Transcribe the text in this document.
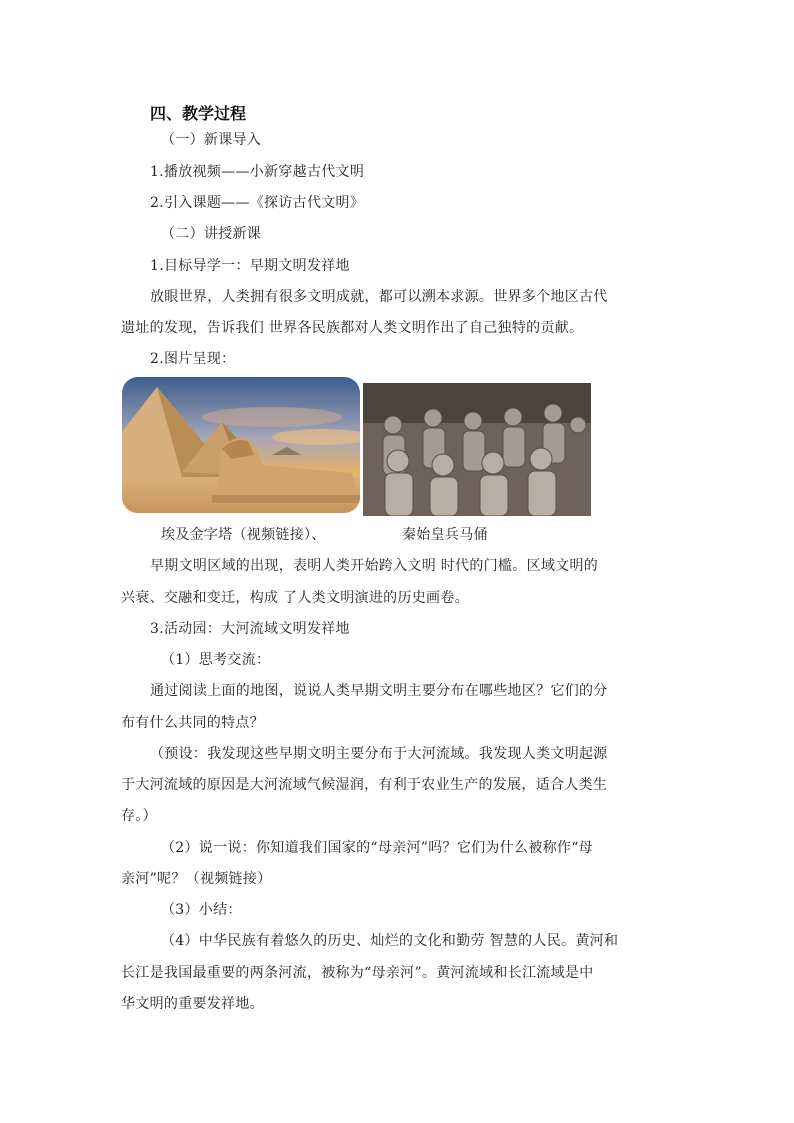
四、教学过程
（一）新课导入
1.播放视频——小新穿越古代文明
2.引入课题——《探访古代文明》
（二）讲授新课
1.目标导学一：早期文明发祥地
放眼世界，人类拥有很多文明成就，都可以溯本求源。世界多个地区古代
遗址的发现，告诉我们 世界各民族都对人类文明作出了自己独特的贡献。
2.图片呈现：
埃及金字塔（视频链接）、	秦始皇兵马俑
早期文明区域的出现，表明人类开始跨入文明 时代的门槛。区域文明的
兴衰、交融和变迁，构成 了人类文明演进的历史画卷。
3.活动园：大河流域文明发祥地
（1）思考交流：
通过阅读上面的地图，说说人类早期文明主要分布在哪些地区？它们的分
布有什么共同的特点？
（预设：我发现这些早期文明主要分布于大河流域。我发现人类文明起源
于大河流域的原因是大河流域气候湿润，有利于农业生产的发展，适合人类生
存。）
（2）说一说：你知道我们国家的“母亲河”吗？它们为什么被称作“母
亲河”呢？（视频链接）
（3）小结：
（4）中华民族有着悠久的历史、灿烂的文化和勤劳 智慧的人民。黄河和
长江是我国最重要的两条河流，被称为“母亲河”。黄河流域和长江流域是中
华文明的重要发祥地。
